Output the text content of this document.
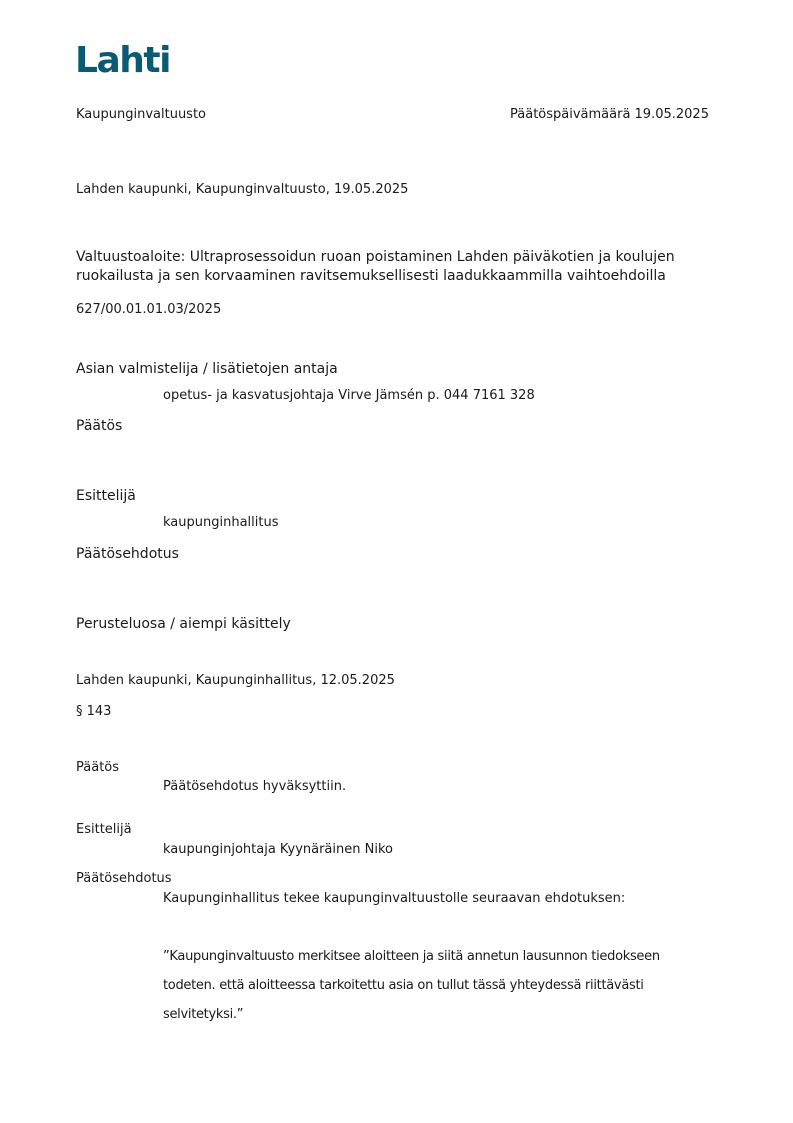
Lahti
Kaupunginvaltuusto	Päätöspäivämäärä 19.05.2025
Lahden kaupunki, Kaupunginvaltuusto, 19.05.2025
Valtuustoaloite: Ultraprosessoidun ruoan poistaminen Lahden päiväkotien ja koulujen
ruokailusta ja sen korvaaminen ravitsemuksellisesti laadukkaammilla vaihtoehdoilla
627/00.01.01.03/2025
Asian valmistelija / lisätietojen antaja
opetus- ja kasvatusjohtaja Virve Jämsén p. 044 7161 328
Päätös
Esittelijä
kaupunginhallitus
Päätösehdotus
Perusteluosa / aiempi käsittely
Lahden kaupunki, Kaupunginhallitus, 12.05.2025
§ 143
Päätös
Päätösehdotus hyväksyttiin.
Esittelijä
kaupunginjohtaja Kyynäräinen Niko
Päätösehdotus
Kaupunginhallitus tekee kaupunginvaltuustolle seuraavan ehdotuksen:
”Kaupunginvaltuusto merkitsee aloitteen ja siitä annetun lausunnon tiedokseen
todeten. että aloitteessa tarkoitettu asia on tullut tässä yhteydessä riittävästi
selvitetyksi.”
